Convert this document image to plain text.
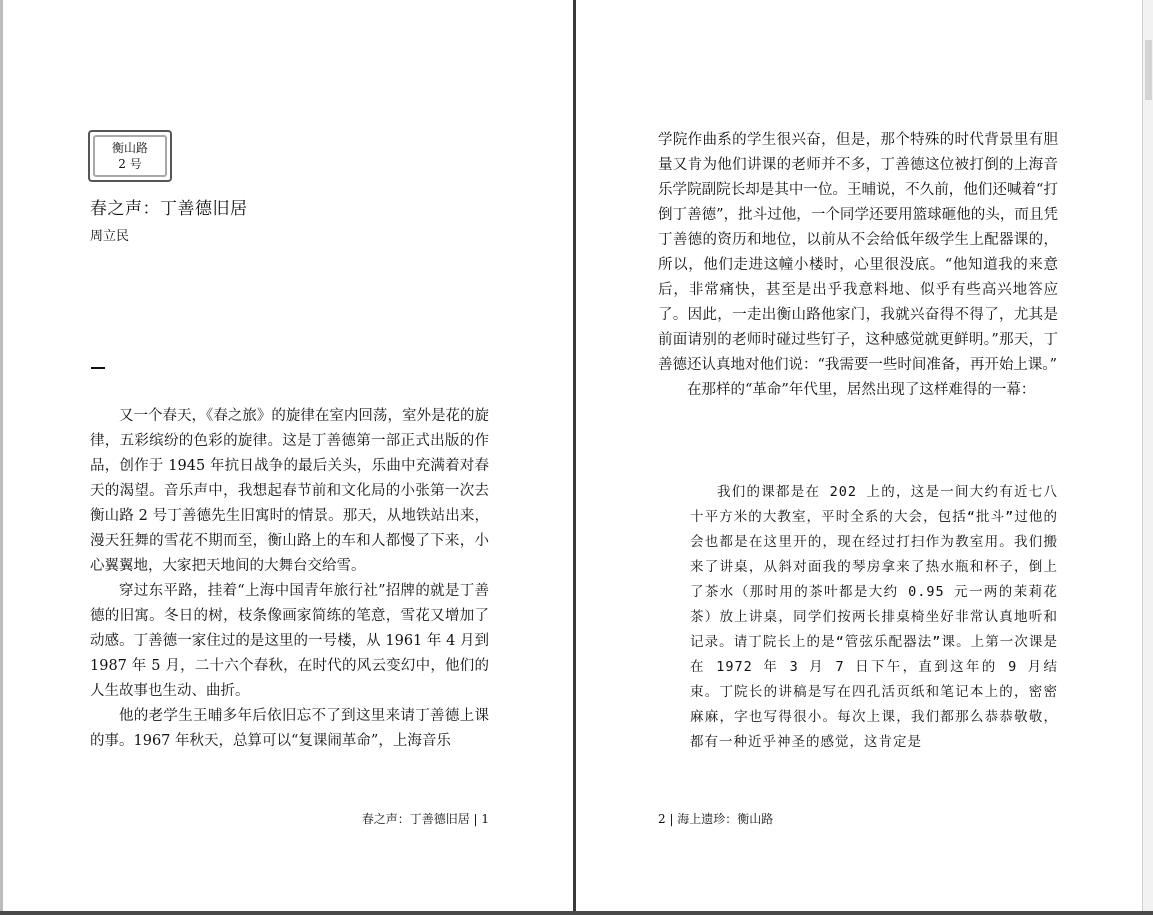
衡山路
2 号
春之声：丁善德旧居
周立民

又一个春天，《春之旅》的旋律在室内回荡，室外是花的旋律，五彩缤纷的色彩的旋律。这是丁善德第一部正式出版的作品，创作于 1945 年抗日战争的最后关头，乐曲中充满着对春天的渴望。音乐声中，我想起春节前和文化局的小张第一次去衡山路 2 号丁善德先生旧寓时的情景。那天，从地铁站出来，漫天狂舞的雪花不期而至，衡山路上的车和人都慢了下来，小心翼翼地，大家把天地间的大舞台交给雪。

穿过东平路，挂着“上海中国青年旅行社”招牌的就是丁善德的旧寓。冬日的树，枝条像画家简练的笔意，雪花又增加了动感。丁善德一家住过的是这里的一号楼，从 1961 年 4 月到 1987 年 5 月，二十六个春秋，在时代的风云变幻中，他们的人生故事也生动、曲折。

他的老学生王晡多年后依旧忘不了到这里来请丁善德上课的事。1967 年秋天，总算可以“复课闹革命”，上海音乐

学院作曲系的学生很兴奋，但是，那个特殊的时代背景里有胆量又肯为他们讲课的老师并不多，丁善德这位被打倒的上海音乐学院副院长却是其中一位。王晡说，不久前，他们还喊着“打倒丁善德”，批斗过他，一个同学还要用篮球砸他的头，而且凭丁善德的资历和地位，以前从不会给低年级学生上配器课的，所以，他们走进这幢小楼时，心里很没底。“他知道我的来意后，非常痛快，甚至是出乎我意料地、似乎有些高兴地答应了。因此，一走出衡山路他家门，我就兴奋得不得了，尤其是前面请别的老师时碰过些钉子，这种感觉就更鲜明。”那天，丁善德还认真地对他们说：“我需要一些时间准备，再开始上课。”

在那样的“革命”年代里，居然出现了这样难得的一幕：

我们的课都是在 202 上的，这是一间大约有近七八十平方米的大教室，平时全系的大会，包括“批斗”过他的会也都是在这里开的，现在经过打扫作为教室用。我们搬来了讲桌，从斜对面我的琴房拿来了热水瓶和杯子，倒上了茶水（那时用的茶叶都是大约 0.95 元一两的茉莉花茶）放上讲桌，同学们按两长排桌椅坐好非常认真地听和记录。请丁院长上的是“管弦乐配器法”课。上第一次课是在 1972 年 3 月 7 日下午，直到这年的 9 月结束。丁院长的讲稿是写在四孔活页纸和笔记本上的，密密麻麻，字也写得很小。每次上课，我们都那么恭恭敬敬，都有一种近乎神圣的感觉，这肯定是
春之声：丁善德旧居 | 1	2 | 海上遗珍：衡山路
